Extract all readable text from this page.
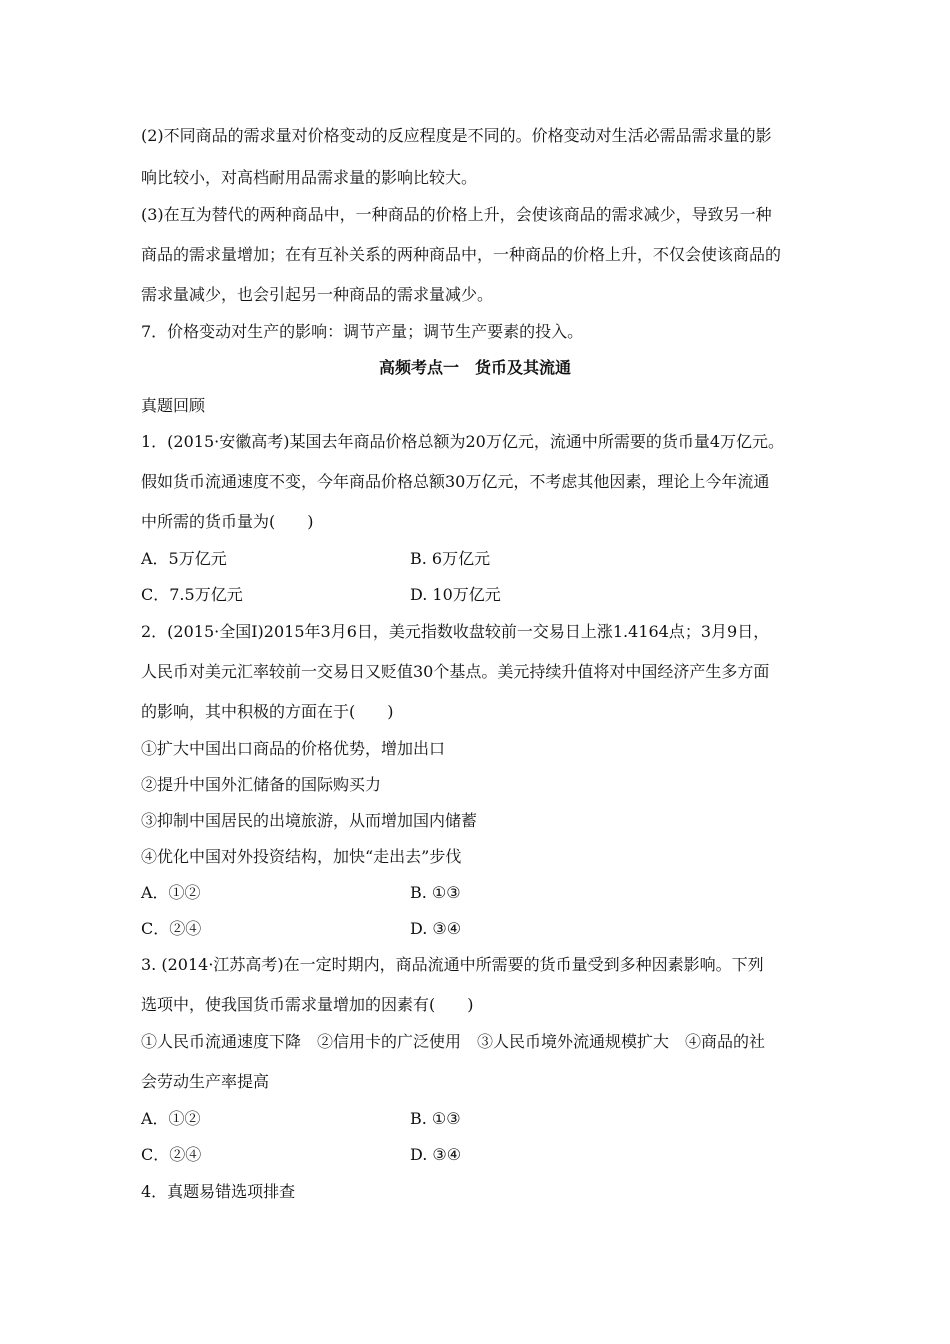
(2)不同商品的需求量对价格变动的反应程度是不同的。价格变动对生活必需品需求量的影
响比较小，对高档耐用品需求量的影响比较大。
(3)在互为替代的两种商品中，一种商品的价格上升，会使该商品的需求减少，导致另一种
商品的需求量增加；在有互补关系的两种商品中，一种商品的价格上升，不仅会使该商品的
需求量减少，也会引起另一种商品的需求量减少。
7．价格变动对生产的影响：调节产量；调节生产要素的投入。
高频考点一　货币及其流通
真题回顾
1．(2015·安徽高考)某国去年商品价格总额为20万亿元，流通中所需要的货币量4万亿元。
假如货币流通速度不变，今年商品价格总额30万亿元，不考虑其他因素，理论上今年流通
中所需的货币量为(　　)
A．5万亿元	B. 6万亿元
C．7.5万亿元	D. 10万亿元
2．(2015·全国Ⅰ)2015年3月6日，美元指数收盘较前一交易日上涨1.4164点；3月9日，
人民币对美元汇率较前一交易日又贬值30个基点。美元持续升值将对中国经济产生多方面
的影响，其中积极的方面在于(　　)
①扩大中国出口商品的价格优势，增加出口
②提升中国外汇储备的国际购买力
③抑制中国居民的出境旅游，从而增加国内储蓄
④优化中国对外投资结构，加快“走出去”步伐
A．①②	B. ①③
C．②④	D. ③④
3. (2014·江苏高考)在一定时期内，商品流通中所需要的货币量受到多种因素影响。下列
选项中，使我国货币需求量增加的因素有(　　)
①人民币流通速度下降　②信用卡的广泛使用　③人民币境外流通规模扩大　④商品的社
会劳动生产率提高
A．①②	B. ①③
C．②④	D. ③④
4．真题易错选项排查
